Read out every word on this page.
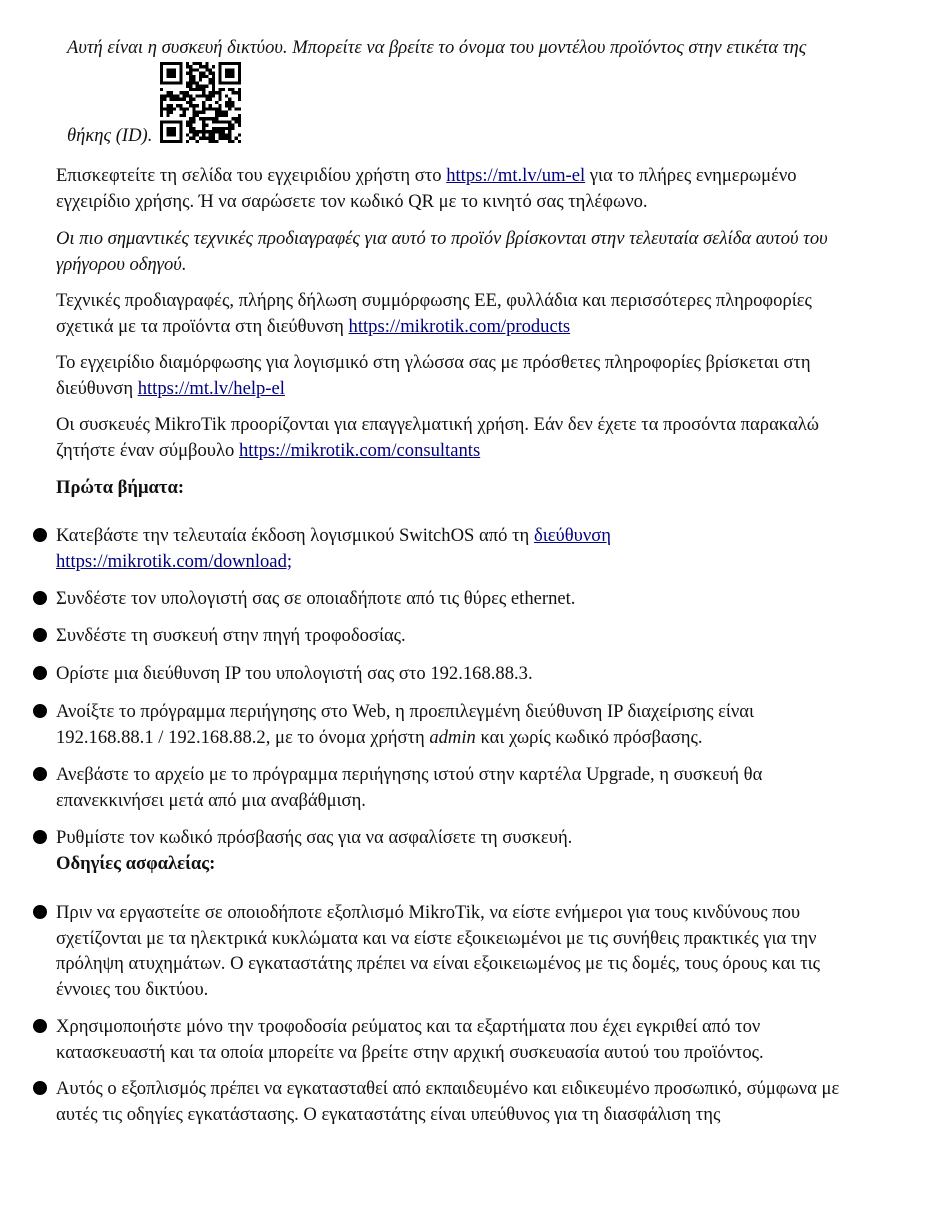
Αυτή είναι η συσκευή δικτύου. Μπορείτε να βρείτε το όνομα του μοντέλου προϊόντος στην ετικέτα της
θήκης (ID).

Επισκεφτείτε τη σελίδα του εγχειριδίου χρήστη στο https://mt.lv/um-el για το πλήρες ενημερωμένο εγχειρίδιο χρήσης. Ή να σαρώσετε τον κωδικό QR με το κινητό σας τηλέφωνο.

Οι πιο σημαντικές τεχνικές προδιαγραφές για αυτό το προϊόν βρίσκονται στην τελευταία σελίδα αυτού του γρήγορου οδηγού.

Τεχνικές προδιαγραφές, πλήρης δήλωση συμμόρφωσης ΕΕ, φυλλάδια και περισσότερες πληροφορίες σχετικά με τα προϊόντα στη διεύθυνση https://mikrotik.com/products

Το εγχειρίδιο διαμόρφωσης για λογισμικό στη γλώσσα σας με πρόσθετες πληροφορίες βρίσκεται στη διεύθυνση https://mt.lv/help-el

Οι συσκευές MikroTik προορίζονται για επαγγελματική χρήση. Εάν δεν έχετε τα προσόντα παρακαλώ ζητήστε έναν σύμβουλο https://mikrotik.com/consultants

Πρώτα βήματα:
Κατεβάστε την τελευταία έκδοση λογισμικού SwitchOS από τη διεύθυνση
https://mikrotik.com/download;
Συνδέστε τον υπολογιστή σας σε οποιαδήποτε από τις θύρες ethernet.
Συνδέστε τη συσκευή στην πηγή τροφοδοσίας.
Ορίστε μια διεύθυνση IP του υπολογιστή σας στο 192.168.88.3.
Ανοίξτε το πρόγραμμα περιήγησης στο Web, η προεπιλεγμένη διεύθυνση IP διαχείρισης είναι 192.168.88.1 / 192.168.88.2, με το όνομα χρήστη admin και χωρίς κωδικό πρόσβασης.
Ανεβάστε το αρχείο με το πρόγραμμα περιήγησης ιστού στην καρτέλα Upgrade, η συσκευή θα επανεκκινήσει μετά από μια αναβάθμιση.
Ρυθμίστε τον κωδικό πρόσβασής σας για να ασφαλίσετε τη συσκευή.
Οδηγίες ασφαλείας:
Πριν να εργαστείτε σε οποιοδήποτε εξοπλισμό MikroTik, να είστε ενήμεροι για τους κινδύνους που σχετίζονται με τα ηλεκτρικά κυκλώματα και να είστε εξοικειωμένοι με τις συνήθεις πρακτικές για την πρόληψη ατυχημάτων. Ο εγκαταστάτης πρέπει να είναι εξοικειωμένος με τις δομές, τους όρους και τις έννοιες του δικτύου.
Χρησιμοποιήστε μόνο την τροφοδοσία ρεύματος και τα εξαρτήματα που έχει εγκριθεί από τον κατασκευαστή και τα οποία μπορείτε να βρείτε στην αρχική συσκευασία αυτού του προϊόντος.
Αυτός ο εξοπλισμός πρέπει να εγκατασταθεί από εκπαιδευμένο και ειδικευμένο προσωπικό, σύμφωνα με αυτές τις οδηγίες εγκατάστασης. Ο εγκαταστάτης είναι υπεύθυνος για τη διασφάλιση της
